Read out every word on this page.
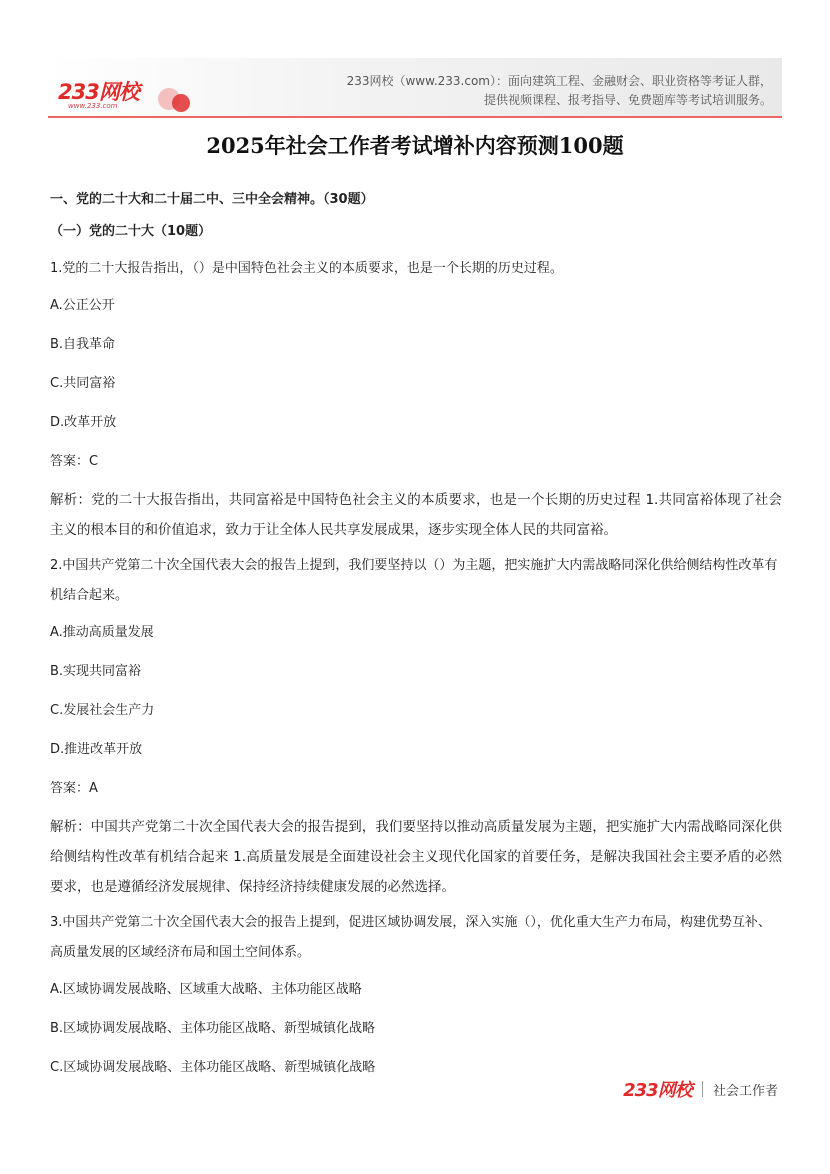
233网校
www.233.com
233网校（www.233.com）：面向建筑工程、金融财会、职业资格等考证人群，
提供视频课程、报考指导、免费题库等考试培训服务。
2025年社会工作者考试增补内容预测100题
一、党的二十大和二十届二中、三中全会精神。（30题）
（一）党的二十大（10题）
1.党的二十大报告指出，（）是中国特色社会主义的本质要求，也是一个长期的历史过程。
A.公正公开
B.自我革命
C.共同富裕
D.改革开放
答案：C
解析：党的二十大报告指出，共同富裕是中国特色社会主义的本质要求，也是一个长期的历史过程 1.共同富裕体现了社会主义的根本目的和价值追求，致力于让全体人民共享发展成果，逐步实现全体人民的共同富裕。
2.中国共产党第二十次全国代表大会的报告上提到，我们要坚持以（）为主题，把实施扩大内需战略同深化供给侧结构性改革有机结合起来。
A.推动高质量发展
B.实现共同富裕
C.发展社会生产力
D.推进改革开放
答案：A
解析：中国共产党第二十次全国代表大会的报告提到，我们要坚持以推动高质量发展为主题，把实施扩大内需战略同深化供给侧结构性改革有机结合起来 1.高质量发展是全面建设社会主义现代化国家的首要任务，是解决我国社会主要矛盾的必然要求，也是遵循经济发展规律、保持经济持续健康发展的必然选择。
3.中国共产党第二十次全国代表大会的报告上提到，促进区域协调发展，深入实施（），优化重大生产力布局，构建优势互补、高质量发展的区域经济布局和国土空间体系。
A.区域协调发展战略、区域重大战略、主体功能区战略
B.区域协调发展战略、主体功能区战略、新型城镇化战略
C.区域协调发展战略、主体功能区战略、新型城镇化战略
233网校 社会工作者
